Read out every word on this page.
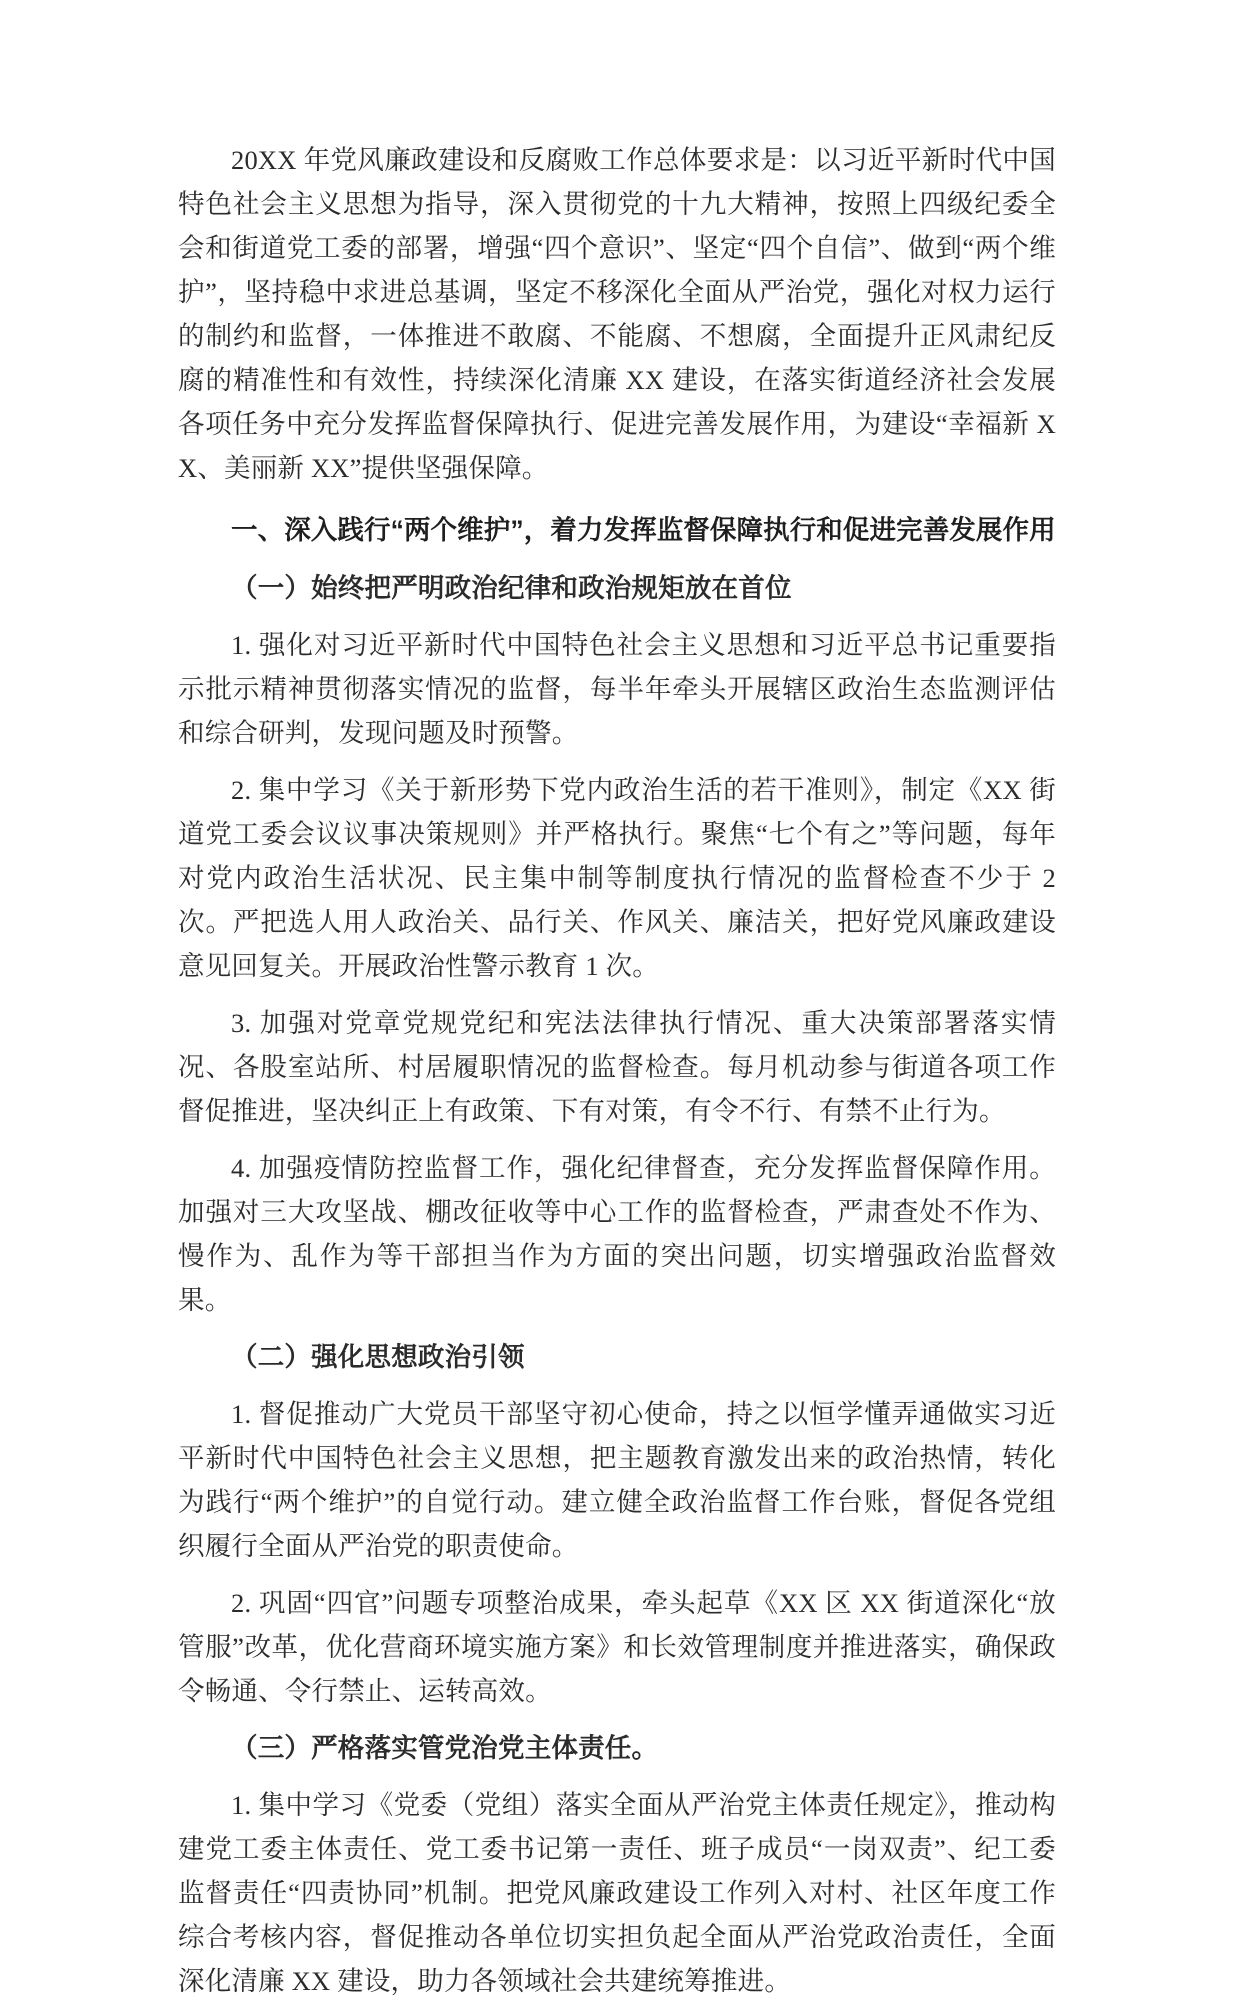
20XX 年党风廉政建设和反腐败工作总体要求是：以习近平新时代中国特色社会主义思想为指导，深入贯彻党的十九大精神，按照上四级纪委全会和街道党工委的部署，增强“四个意识”、坚定“四个自信”、做到“两个维护”，坚持稳中求进总基调，坚定不移深化全面从严治党，强化对权力运行的制约和监督，一体推进不敢腐、不能腐、不想腐，全面提升正风肃纪反腐的精准性和有效性，持续深化清廉 XX 建设，在落实街道经济社会发展各项任务中充分发挥监督保障执行、促进完善发展作用，为建设“幸福新 XX、美丽新 XX”提供坚强保障。

一、深入践行“两个维护”，着力发挥监督保障执行和促进完善发展作用
（一）始终把严明政治纪律和政治规矩放在首位

1. 强化对习近平新时代中国特色社会主义思想和习近平总书记重要指示批示精神贯彻落实情况的监督，每半年牵头开展辖区政治生态监测评估和综合研判，发现问题及时预警。

2. 集中学习《关于新形势下党内政治生活的若干准则》，制定《XX 街道党工委会议议事决策规则》并严格执行。聚焦“七个有之”等问题，每年对党内政治生活状况、民主集中制等制度执行情况的监督检查不少于 2 次。严把选人用人政治关、品行关、作风关、廉洁关，把好党风廉政建设意见回复关。开展政治性警示教育 1 次。

3. 加强对党章党规党纪和宪法法律执行情况、重大决策部署落实情况、各股室站所、村居履职情况的监督检查。每月机动参与街道各项工作督促推进，坚决纠正上有政策、下有对策，有令不行、有禁不止行为。

4. 加强疫情防控监督工作，强化纪律督查，充分发挥监督保障作用。加强对三大攻坚战、棚改征收等中心工作的监督检查，严肃查处不作为、慢作为、乱作为等干部担当作为方面的突出问题，切实增强政治监督效果。

（二）强化思想政治引领

1. 督促推动广大党员干部坚守初心使命，持之以恒学懂弄通做实习近平新时代中国特色社会主义思想，把主题教育激发出来的政治热情，转化为践行“两个维护”的自觉行动。建立健全政治监督工作台账，督促各党组织履行全面从严治党的职责使命。

2. 巩固“四官”问题专项整治成果，牵头起草《XX 区 XX 街道深化“放管服”改革，优化营商环境实施方案》和长效管理制度并推进落实，确保政令畅通、令行禁止、运转高效。

（三）严格落实管党治党主体责任。

1. 集中学习《党委（党组）落实全面从严治党主体责任规定》，推动构建党工委主体责任、党工委书记第一责任、班子成员“一岗双责”、纪工委监督责任“四责协同”机制。把党风廉政建设工作列入对村、社区年度工作综合考核内容，督促推动各单位切实担负起全面从严治党政治责任，全面深化清廉 XX 建设，助力各领域社会共建统筹推进。
